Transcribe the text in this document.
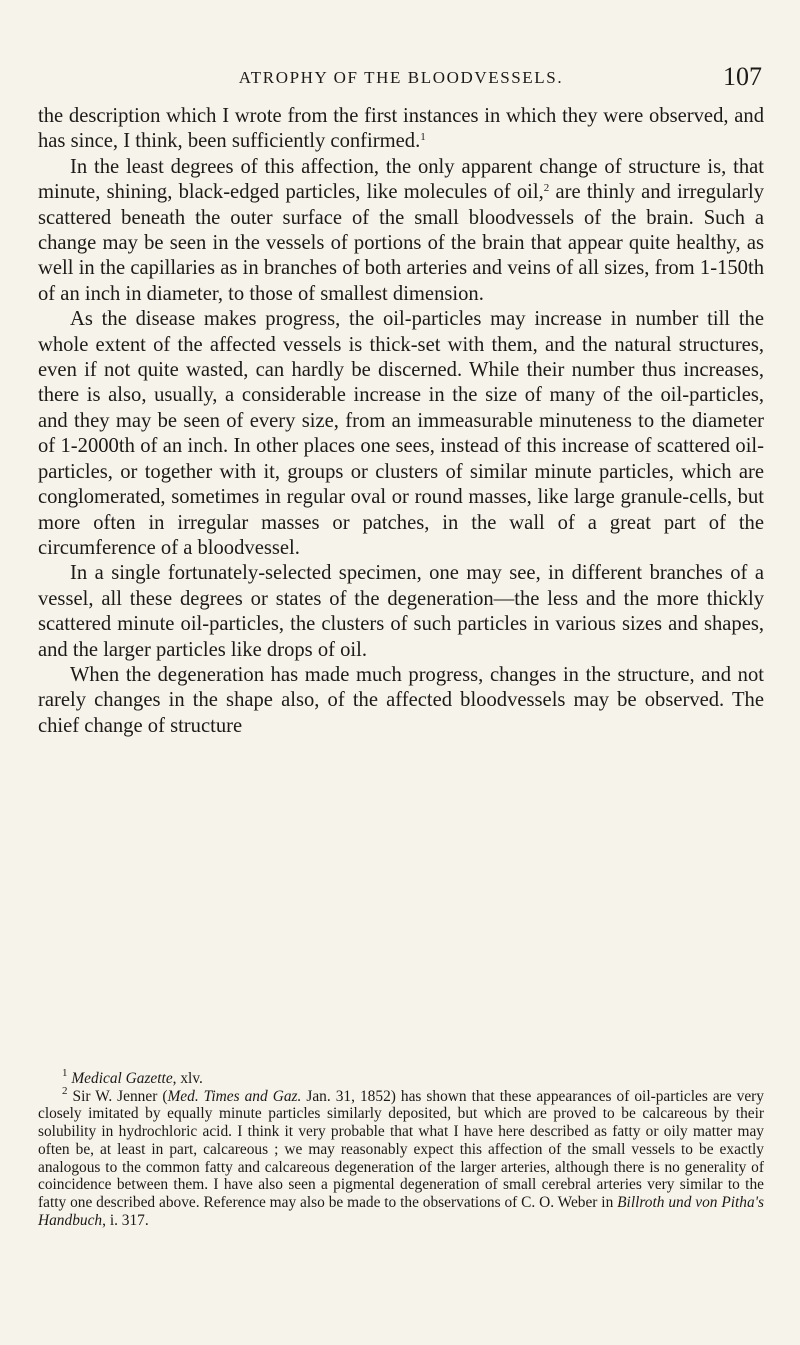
ATROPHY OF THE BLOODVESSELS.	107

the description which I wrote from the first instances in which they were observed, and has since, I think, been sufficiently confirmed.$^1$

In the least degrees of this affection, the only apparent change of structure is, that minute, shining, black-edged particles, like molecules of oil,$^2$ are thinly and irregularly scattered beneath the outer surface of the small bloodvessels of the brain. Such a change may be seen in the vessels of portions of the brain that appear quite healthy, as well in the capillaries as in branches of both arteries and veins of all sizes, from 1-150th of an inch in diameter, to those of smallest dimension.

As the disease makes progress, the oil-particles may increase in number till the whole extent of the affected vessels is thick-set with them, and the natural structures, even if not quite wasted, can hardly be discerned. While their number thus increases, there is also, usually, a considerable increase in the size of many of the oil-particles, and they may be seen of every size, from an immeasurable minuteness to the diameter of 1-2000th of an inch. In other places one sees, instead of this increase of scattered oil-particles, or together with it, groups or clusters of similar minute particles, which are conglomerated, sometimes in regular oval or round masses, like large granule-cells, but more often in irregular masses or patches, in the wall of a great part of the circumference of a bloodvessel.

In a single fortunately-selected specimen, one may see, in different branches of a vessel, all these degrees or states of the degeneration—the less and the more thickly scattered minute oil-particles, the clusters of such particles in various sizes and shapes, and the larger particles like drops of oil.

When the degeneration has made much progress, changes in the structure, and not rarely changes in the shape also, of the affected bloodvessels may be observed. The chief change of structure

$^1$ Medical Gazette, xlv.

$^2$ Sir W. Jenner (Med. Times and Gaz. Jan. 31, 1852) has shown that these appearances of oil-particles are very closely imitated by equally minute particles similarly deposited, but which are proved to be calcareous by their solubility in hydrochloric acid. I think it very probable that what I have here described as fatty or oily matter may often be, at least in part, calcareous ; we may reasonably expect this affection of the small vessels to be exactly analogous to the common fatty and calcareous degeneration of the larger arteries, although there is no generality of coincidence between them. I have also seen a pigmental degeneration of small cerebral arteries very similar to the fatty one described above. Reference may also be made to the observations of C. O. Weber in Billroth und von Pitha's Handbuch, i. 317.
